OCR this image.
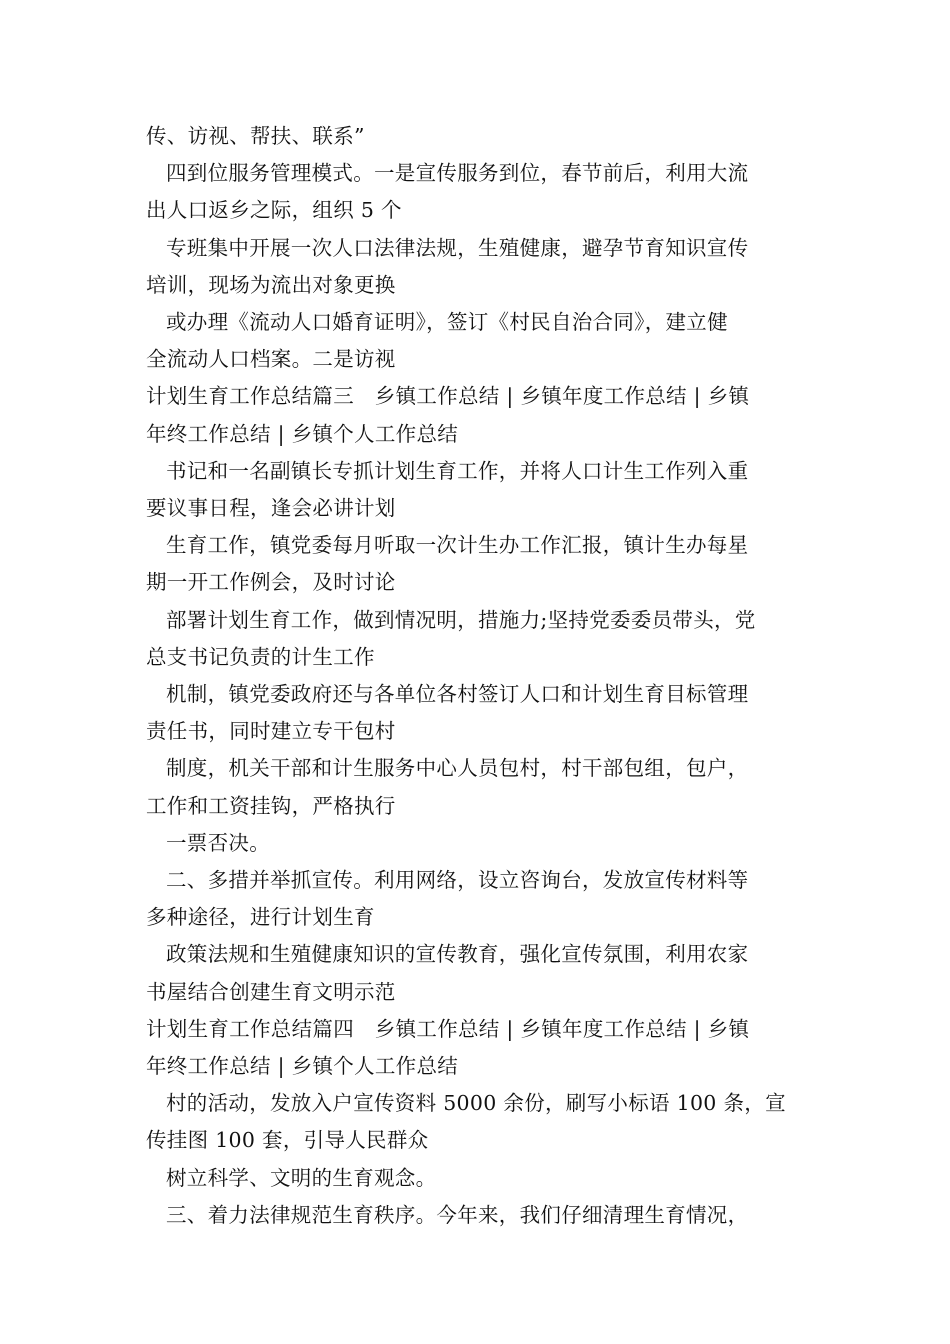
传、访视、帮扶、联系”

四到位服务管理模式。一是宣传服务到位，春节前后，利用大流

出人口返乡之际，组织 5 个

专班集中开展一次人口法律法规，生殖健康，避孕节育知识宣传

培训，现场为流出对象更换

或办理《流动人口婚育证明》，签订《村民自治合同》，建立健

全流动人口档案。二是访视

计划生育工作总结篇三　乡镇工作总结 | 乡镇年度工作总结 | 乡镇

年终工作总结 | 乡镇个人工作总结

书记和一名副镇长专抓计划生育工作，并将人口计生工作列入重

要议事日程，逢会必讲计划

生育工作，镇党委每月听取一次计生办工作汇报，镇计生办每星

期一开工作例会，及时讨论

部署计划生育工作，做到情况明，措施力;坚持党委委员带头，党

总支书记负责的计生工作

机制，镇党委政府还与各单位各村签订人口和计划生育目标管理

责任书，同时建立专干包村

制度，机关干部和计生服务中心人员包村，村干部包组，包户，

工作和工资挂钩，严格执行

一票否决。

二、多措并举抓宣传。利用网络，设立咨询台，发放宣传材料等

多种途径，进行计划生育

政策法规和生殖健康知识的宣传教育，强化宣传氛围，利用农家

书屋结合创建生育文明示范

计划生育工作总结篇四　乡镇工作总结 | 乡镇年度工作总结 | 乡镇

年终工作总结 | 乡镇个人工作总结

村的活动，发放入户宣传资料 5000 余份，刷写小标语 100 条，宣

传挂图 100 套，引导人民群众

树立科学、文明的生育观念。

三、着力法律规范生育秩序。今年来，我们仔细清理生育情况，
